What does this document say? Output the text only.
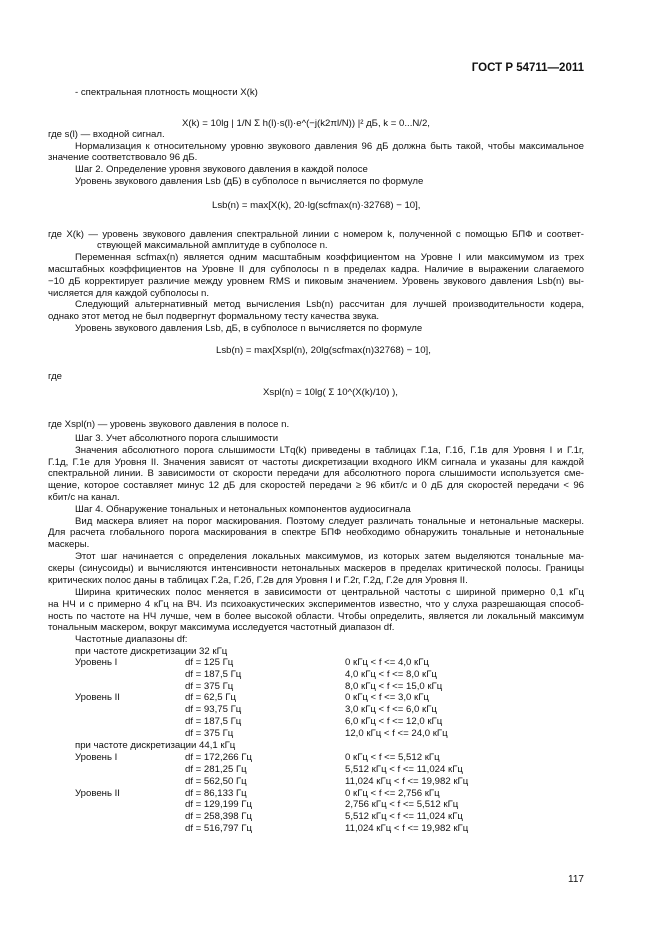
ГОСТ Р 54711—2011
- спектральная плотность мощности X(k)
X(k) = 10lg | 1/N Σ h(l)·s(l)·e^(−j(k2πl/N)) |² дБ, k = 0...N/2,
где s(l) — входной сигнал.
Нормализация к относительному уровню звукового давления 96 дБ должна быть такой, чтобы максимальное
значение соответствовало 96 дБ.
Шаг 2. Определение уровня звукового давления в каждой полосе
Уровень звукового давления Lsb (дБ) в субполосе n вычисляется по формуле
Lsb(n) = max[X(k), 20·lg(scfmax(n)·32768) − 10],
где X(k) — уровень звукового давления спектральной линии с номером k, полученной с помощью БПФ и соответ-
ствующей максимальной амплитуде в субполосе n.
Переменная scfmax(n) является одним масштабным коэффициентом на Уровне I или максимумом из трех
масштабных коэффициентов на Уровне II для субполосы n в пределах кадра. Наличие в выражении слагаемого
−10 дБ корректирует различие между уровнем RMS и пиковым значением. Уровень звукового давления Lsb(n) вы-
числяется для каждой субполосы n.
Следующий альтернативный метод вычисления Lsb(n) рассчитан для лучшей производительности кодера,
однако этот метод не был подвергнут формальному тесту качества звука.
Уровень звукового давления Lsb, дБ, в субполосе n вычисляется по формуле
Lsb(n) = max[Xspl(n), 20lg(scfmax(n)32768) − 10],
где
Xspl(n) = 10lg( Σ 10^(X(k)/10) ),
где Xspl(n) — уровень звукового давления в полосе n.
Шаг 3. Учет абсолютного порога слышимости
Значения абсолютного порога слышимости LTq(k) приведены в таблицах Г.1а, Г.1б, Г.1в для Уровня I и Г.1г,
Г.1д, Г.1е для Уровня II. Значения зависят от частоты дискретизации входного ИКМ сигнала и указаны для каждой
спектральной линии. В зависимости от скорости передачи для абсолютного порога слышимости используется сме-
щение, которое составляет минус 12 дБ для скоростей передачи ≥ 96 кбит/с и 0 дБ для скоростей передачи < 96
кбит/с на канал.
Шаг 4. Обнаружение тональных и нетональных компонентов аудиосигнала
Вид маскера влияет на порог маскирования. Поэтому следует различать тональные и нетональные маскеры.
Для расчета глобального порога маскирования в спектре БПФ необходимо обнаружить тональные и нетональные
маскеры.
Этот шаг начинается с определения локальных максимумов, из которых затем выделяются тональные ма-
скеры (синусоиды) и вычисляются интенсивности нетональных маскеров в пределах критической полосы. Границы
критических полос даны в таблицах Г.2а, Г.2б, Г.2в для Уровня I и Г.2г, Г.2д, Г.2е для Уровня II.
Ширина критических полос меняется в зависимости от центральной частоты с шириной примерно 0,1 кГц
на НЧ и с примерно 4 кГц на ВЧ. Из психоакустических экспериментов известно, что у слуха разрешающая способ-
ность по частоте на НЧ лучше, чем в более высокой области. Чтобы определить, является ли локальный максимум
тональным маскером, вокруг максимума исследуется частотный диапазон df.
Частотные диапазоны df:
при частоте дискретизации 32 кГц
Уровень I	df = 125 Гц	0 кГц < f <= 4,0 кГц
df = 187,5 Гц	4,0 кГц < f <= 8,0 кГц
df = 375 Гц	8,0 кГц < f <= 15,0 кГц
Уровень II	df = 62,5 Гц	0 кГц < f <= 3,0 кГц
df = 93,75 Гц	3,0 кГц < f <= 6,0 кГц
df = 187,5 Гц	6,0 кГц < f <= 12,0 кГц
df = 375 Гц	12,0 кГц < f <= 24,0 кГц
при частоте дискретизации 44,1 кГц
Уровень I	df = 172,266 Гц	0 кГц < f <= 5,512 кГц
df = 281,25 Гц	5,512 кГц < f <= 11,024 кГц
df = 562,50 Гц	11,024 кГц < f <= 19,982 кГц
Уровень II	df = 86,133 Гц	0 кГц < f <= 2,756 кГц
df = 129,199 Гц	2,756 кГц < f <= 5,512 кГц
df = 258,398 Гц	5,512 кГц < f <= 11,024 кГц
df = 516,797 Гц	11,024 кГц < f <= 19,982 кГц
117
